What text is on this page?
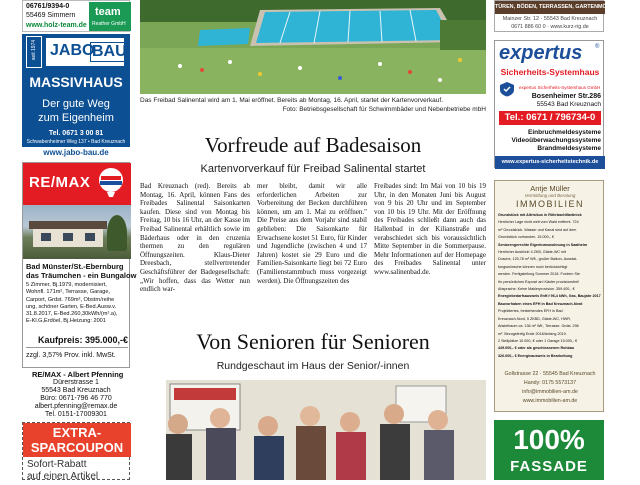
06761/9394-0
55469 Simmern
www.holz-team.de
team
Reather GmbH
seit 1974 JABO
BAU
MASSIVHAUS
Der gute Weg
zum Eigenheim
Tel. 0671 3 00 81
Schwabenheimer Weg 137 • Bad Kreuznach
www.jabo-bau.de
RE/MAX
Bad Münster/St.-Ebernburg
das Träumchen - ein Bungalow
5 Zimmer, Bj.1979, modernisiert,
Wohnfl. 171m², Terrasse, Garage,
Carport, Grdst. 769m², Obstrn/reihe
ung, schöner Garten, E-Bed.Ausw.v.
31.8.2017, E-Bed.260,30kWh/(m².a),
E-Kl.G,Erdöel, Bj.Heizung: 2001
Kaufpreis: 395.000,-€
zzgl. 3,57% Prov. inkl. MwSt.
RE/MAX - Albert Pfenning
Dürerstrasse 1
55543 Bad Kreuznach
Büro: 0671-796 46 770
albert.pfenning@remax.de
Tel. 0151-17009301
EXTRA-
SPARCOUPON
Sofort-Rabatt
auf einen Artikel
Das Freibad Salinental wird am 1. Mai eröffnet. Bereits ab Montag, 16. April, startet der Kartenvorverkauf.
Foto: Betriebsgesellschaft für Schwimmbäder und Nebenbetriebe mbH
Vorfreude auf Badesaison
Kartenvorverkauf für Freibad Salinental startet

Bad Kreuznach (red). Bereits ab Montag, 16. April, können Fans des Freibades Salinental Saisonkarten kaufen. Diese sind von Montag bis Freitag, 10 bis 16 Uhr, an der Kasse im Freibad Salinental erhältlich sowie im Bäderhaus oder in den cruzenia thermen zu den regulären Öffnungszeiten. Klaus-Dieter Dreesbach, stellvertretender Geschäftsführer der Badegesellschaft: „Wir hoffen, dass das Wetter nun endlich war-

mer bleibt, damit wir alle erforderlichen Arbeiten zur Vorbereitung der Becken durchführen können, um am 1. Mai zu eröffnen." Die Preise aus dem Vorjahr sind stabil geblieben: Die Saisonkarte für Erwachsene kostet 51 Euro, für Kinder und Jugendliche (zwischen 4 und 17 Jahren) kostet sie 29 Euro und die Familien-Saisonkarte liegt bei 72 Euro (Familienstammbuch muss vorgezeigt werden). Die Öffnungszeiten des

Freibades sind: Im Mai von 10 bis 19 Uhr, in den Monaten Juni bis August von 9 bis 20 Uhr und im September von 10 bis 19 Uhr. Mit der Eröffnung des Freibades schließt dann auch das Hallenbad in der Kilianstraße und verabschiedet sich bis voraussichtlich Mitte September in die Sommerpause. Mehr Informationen auf der Homepage des Freibades Salinental unter www.salinenbad.de.

Von Senioren für Senioren
Rundgeschaut im Haus der Senior/-innen
TÜREN, BÖDEN, TERRASSEN, GARTENMÖBEL
Mainzer Str. 12 · 55543 Bad Kreuznach
0671 886 60 0 · www.kurz-rig.de
expertus ®
Sicherheits-Systemhaus
expertus Sicherheits-Systemhaus GmbH
Bosenheimer Str.286
55543 Bad Kreuznach
Tel.: 0671 / 796734-0
Einbruchmeldesysteme
Videoüberwachungssysteme
Brandmeldesysteme
www.expertus-sicherheitstechnik.de
Antje Müller
Vermittlung und Beratung
IMMOBILIEN
Grundstück mit Altrisikus in RöhrbachMartinick
Herrlicher Lage nicht weit vom Wald entfernt. 724
m² Grundstück. Wasser und Kanal sind auf dem
Grundstück vorhanden. 15.000,- €
Seniorengerechte Eigentumswohnung in Saatheim
Herrlicher Ausblick! 4 ZKB, Gäste-WC mit
Dusche, 125,78 m² Wfl., großer Balkon, Ausstat-
tungswünsche können noch berücksichtigt
werden. Fertigstellung Sommer 2018. Fordern Sie
Ihr persönliches Exposé an! Käufer provisionsfrei!
Absprache. Keine Maklerprovision. 359.400,- €
Energiebedarfsausweis Enff.f 96,4 kWh, Gas, Baujahr 2017
Bauvorhaben eines EFH in Bad Kreuznach-Nord
Projektiertes, freistehendes EFH in Bad
Kreuznach-Nord, 5 ZKBD, Gäste-WC, HWR,
Abstellraum ca. 136 m² Wfl., Terrasse. Grdst. 296
m². Bezugsfertig Ende 2018/Anfang 2019.
2 Stellplätze 10.000,-€ oder 1 Garage 15.000,- €
449.000,- € oder als geschlossenen Rohbau
326.000,- € Energieausweis in Bearbeitung
Gollstrasse 22 · 55545 Bad Kreuznach
Handy: 0175 5573137
info@immobilien-am.de
www.immobilien-am.de
100%
FASSADE
